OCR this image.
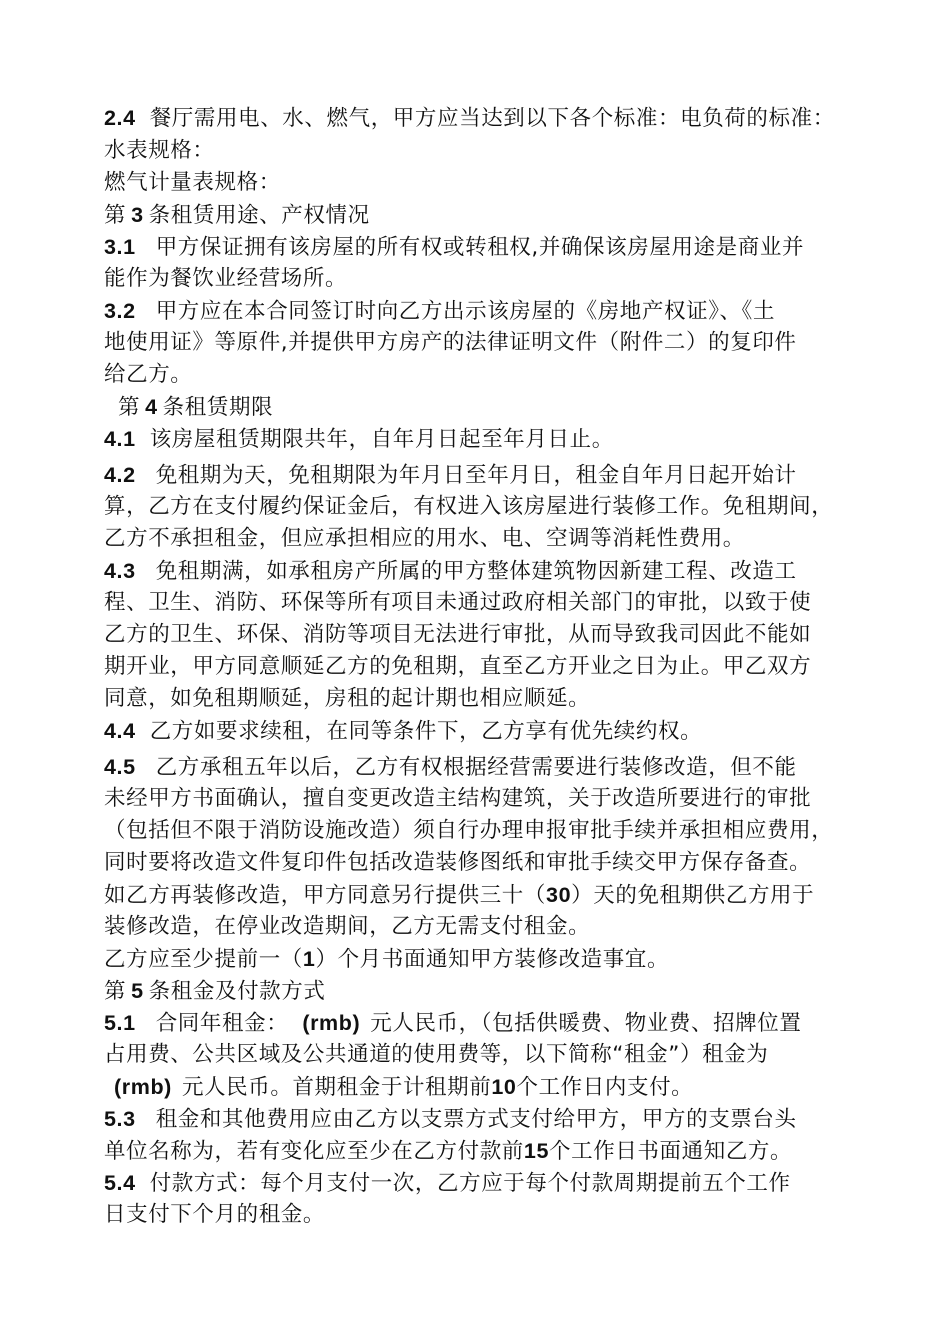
2.4 餐厅需用电、水、燃气，甲方应当达到以下各个标准：电负荷的标准：
水表规格：
燃气计量表规格：
第 3 条租赁用途、产权情况
3.1 甲方保证拥有该房屋的所有权或转租权,并确保该房屋用途是商业并
能作为餐饮业经营场所。
3.2 甲方应在本合同签订时向乙方出示该房屋的《房地产权证》、《土
地使用证》等原件,并提供甲方房产的法律证明文件（附件二）的复印件
给乙方。
第 4 条租赁期限
4.1 该房屋租赁期限共年，自年月日起至年月日止。
4.2 免租期为天，免租期限为年月日至年月日，租金自年月日起开始计
算，乙方在支付履约保证金后，有权进入该房屋进行装修工作。免租期间，
乙方不承担租金，但应承担相应的用水、电、空调等消耗性费用。
4.3 免租期满，如承租房产所属的甲方整体建筑物因新建工程、改造工
程、卫生、消防、环保等所有项目未通过政府相关部门的审批，以致于使
乙方的卫生、环保、消防等项目无法进行审批，从而导致我司因此不能如
期开业，甲方同意顺延乙方的免租期，直至乙方开业之日为止。甲乙双方
同意，如免租期顺延，房租的起计期也相应顺延。
4.4 乙方如要求续租，在同等条件下，乙方享有优先续约权。
4.5 乙方承租五年以后，乙方有权根据经营需要进行装修改造，但不能
未经甲方书面确认，擅自变更改造主结构建筑，关于改造所要进行的审批
（包括但不限于消防设施改造）须自行办理申报审批手续并承担相应费用，
同时要将改造文件复印件包括改造装修图纸和审批手续交甲方保存备查。
如乙方再装修改造，甲方同意另行提供三十（30）天的免租期供乙方用于
装修改造，在停业改造期间，乙方无需支付租金。
乙方应至少提前一（1）个月书面通知甲方装修改造事宜。
第 5 条租金及付款方式
5.1 合同年租金： (rmb) 元人民币，（包括供暖费、物业费、招牌位置
占用费、公共区域及公共通道的使用费等，以下简称“租金”）租金为
(rmb) 元人民币。首期租金于计租期前10个工作日内支付。
5.3 租金和其他费用应由乙方以支票方式支付给甲方，甲方的支票台头
单位名称为，若有变化应至少在乙方付款前15个工作日书面通知乙方。
5.4 付款方式：每个月支付一次，乙方应于每个付款周期提前五个工作
日支付下个月的租金。
